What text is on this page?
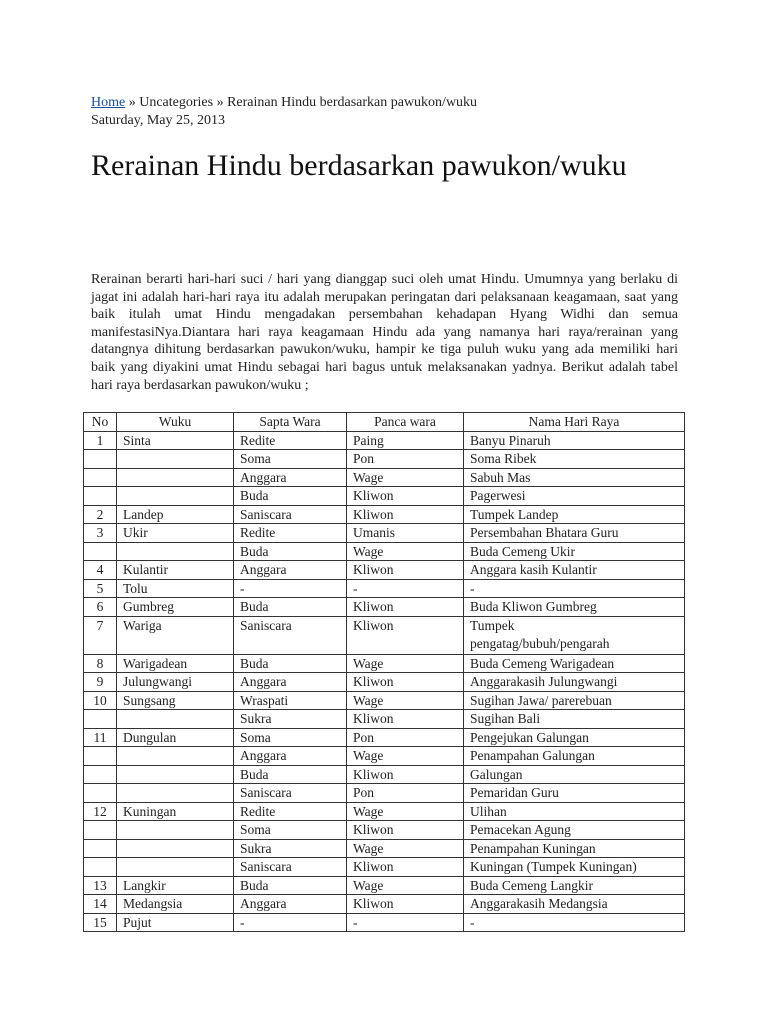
Home » Uncategories » Rerainan Hindu berdasarkan pawukon/wuku
Saturday, May 25, 2013
Rerainan Hindu berdasarkan pawukon/wuku
Rerainan berarti hari-hari suci / hari yang dianggap suci oleh umat Hindu. Umumnya yang berlaku di jagat ini adalah hari-hari raya itu adalah merupakan peringatan dari pelaksanaan keagamaan, saat yang baik itulah umat Hindu mengadakan persembahan kehadapan Hyang Widhi dan semua manifestasiNya.Diantara hari raya keagamaan Hindu ada yang namanya hari raya/rerainan yang datangnya dihitung berdasarkan pawukon/wuku, hampir ke tiga puluh wuku yang ada memiliki hari baik yang diyakini umat Hindu sebagai hari bagus untuk melaksanakan yadnya. Berikut adalah tabel hari raya berdasarkan pawukon/wuku ;
No	Wuku	Sapta Wara	Panca wara	Nama Hari Raya
1	Sinta	Redite	Paing	Banyu Pinaruh
		Soma	Pon	Soma Ribek
		Anggara	Wage	Sabuh Mas
		Buda	Kliwon	Pagerwesi
2	Landep	Saniscara	Kliwon	Tumpek Landep
3	Ukir	Redite	Umanis	Persembahan Bhatara Guru
		Buda	Wage	Buda Cemeng Ukir
4	Kulantir	Anggara	Kliwon	Anggara kasih Kulantir
5	Tolu	-	-	-
6	Gumbreg	Buda	Kliwon	Buda Kliwon Gumbreg
7	Wariga	Saniscara	Kliwon	Tumpek pengatag/bubuh/pengarah
8	Warigadean	Buda	Wage	Buda Cemeng Warigadean
9	Julungwangi	Anggara	Kliwon	Anggarakasih Julungwangi
10	Sungsang	Wraspati	Wage	Sugihan Jawa/ parerebuan
		Sukra	Kliwon	Sugihan Bali
11	Dungulan	Soma	Pon	Pengejukan Galungan
		Anggara	Wage	Penampahan Galungan
		Buda	Kliwon	Galungan
		Saniscara	Pon	Pemaridan Guru
12	Kuningan	Redite	Wage	Ulihan
		Soma	Kliwon	Pemacekan Agung
		Sukra	Wage	Penampahan Kuningan
		Saniscara	Kliwon	Kuningan (Tumpek Kuningan)
13	Langkir	Buda	Wage	Buda Cemeng Langkir
14	Medangsia	Anggara	Kliwon	Anggarakasih Medangsia
15	Pujut	-	-	-
